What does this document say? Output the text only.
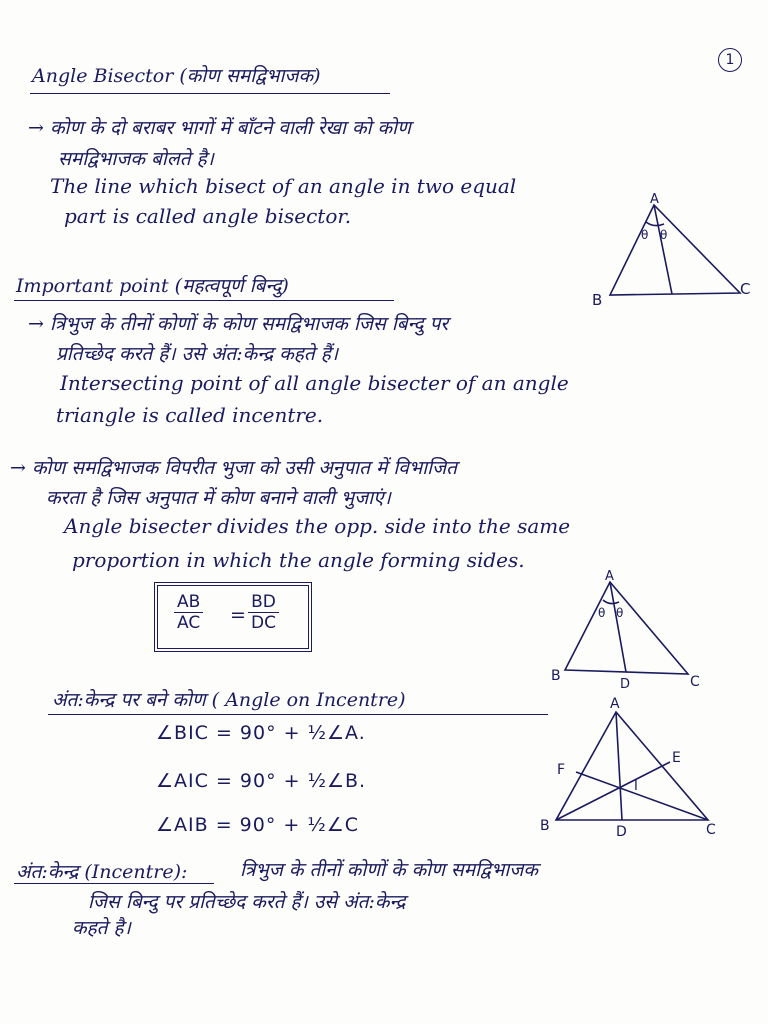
1
Angle Bisector (कोण समद्विभाजक)
→ कोण के दो बराबर भागों में बाँटने वाली रेखा को कोण
समद्विभाजक बोलते है।
The line which bisect of an angle in two equal
part is called angle bisector.
A
B
C
θ θ
Important point (महत्वपूर्ण बिन्दु)
→ त्रिभुज के तीनों कोणों के कोण समद्विभाजक जिस बिन्दु पर
प्रतिच्छेद करते हैं। उसे अंत:केन्द्र कहते हैं।
Intersecting point of all angle bisecter of an angle
triangle is called incentre.
→ कोण समद्विभाजक विपरीत भुजा को उसी अनुपात में विभाजित
करता है जिस अनुपात में कोण बनाने वाली भुजाएं।
Angle bisecter divides the opp. side into the same
proportion in which the angle forming sides.
$\frac{AB}{AC} = \frac{BD}{DC}$
A
B	C
D
θ θ
अंत:केन्द्र पर बने कोण ( Angle on Incentre)
∠BIC = 90° + ½∠A.
∠AIC = 90° + ½∠B.
∠AIB = 90° + ½∠C
A
B	C
D
E
F
I
अंत:केन्द्र (Incentre):	त्रिभुज के तीनों कोणों के कोण समद्विभाजक
जिस बिन्दु पर प्रतिच्छेद करते हैं। उसे अंत:केन्द्र
कहते है।
